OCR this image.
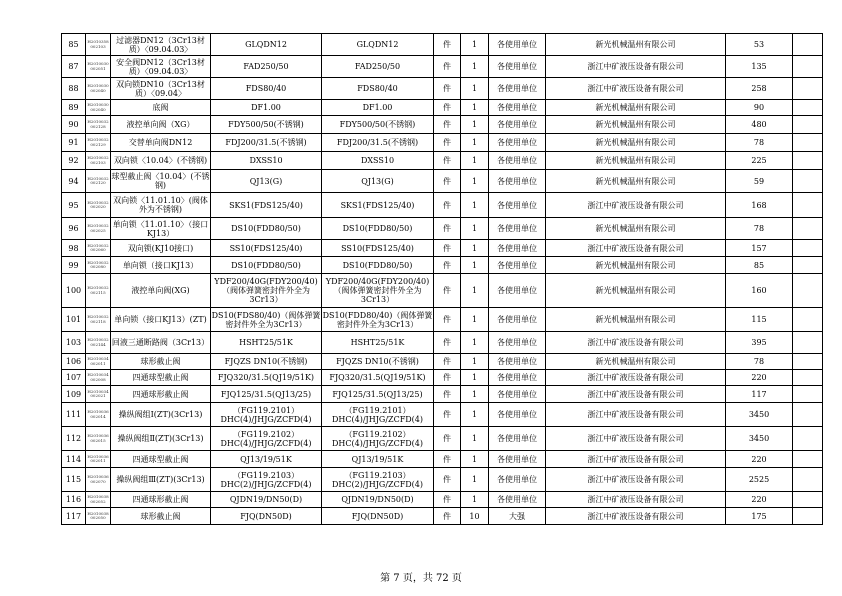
85	H2010358 002103	过滤器DN12（3Cr13材质）〈09.04.03〉	GLQDN12	GLQDN12	件	1	各使用单位	新光机械温州有限公司	53	
87	H2010030 002051	安全阀DN12（3Cr13材质）〈09.04.03〉	FAD250/50	FAD250/50	件	1	各使用单位	浙江中矿液压设备有限公司	135	
88	H2010030 002040	双向锁DN10（3Cr13材质）〈09.04〉	FDS80/40	FDS80/40	件	1	各使用单位	浙江中矿液压设备有限公司	258	
89	H2010030 002040	底阀	DF1.00	DF1.00	件	1	各使用单位	新光机械温州有限公司	90	
90	H2010032 002128	液控单向阀（XG）	FDY500/50(不锈钢)	FDY500/50(不锈钢)	件	1	各使用单位	新光机械温州有限公司	480	
91	H2010032 002129	交替单向阀DN12	FDJ200/31.5(不锈钢)	FDJ200/31.5(不锈钢)	件	1	各使用单位	新光机械温州有限公司	78	
92	H2010032 002103	双向锁〈10.04〉(不锈钢)	DXSS10	DXSS10	件	1	各使用单位	新光机械温州有限公司	225	
94	H2010032 002120	球型截止阀〈10.04〉(不锈钢)	QJ13(G)	QJ13(G)	件	1	各使用单位	新光机械温州有限公司	59	
95	H2010032 002020	双向锁〈11.01.10〉(阀体外为不锈钢)	SKS1(FDS125/40)	SKS1(FDS125/40)	件	1	各使用单位	浙江中矿液压设备有限公司	168	
96	H2010032 002025	单向锁〈11.01.10〉（接口KJ13）	DS10(FDD80/50)	DS10(FDD80/50)	件	1	各使用单位	新光机械温州有限公司	78	
98	H2010032 002060	双向锁(KJ10接口)	SS10(FDS125/40)	SS10(FDS125/40)	件	1	各使用单位	浙江中矿液压设备有限公司	157	
99	H2010032 002080	单向锁（接口KJ13）	DS10(FDD80/50)	DS10(FDD80/50)	件	1	各使用单位	新光机械温州有限公司	85	
100	H2010032 002115	液控单向阀(XG)	YDF200/40G(FDY200/40)（阀体弹簧密封件外全为3Cr13）	YDF200/40G(FDY200/40)（阀体弹簧密封件外全为3Cr13）	件	1	各使用单位	新光机械温州有限公司	160	
101	H2010032 002118	单向锁（接口KJ13）(ZT)	DS10(FDS80/40)（阀体弹簧密封件外全为3Cr13）	DS10(FDD80/40)（阀体弹簧密封件外全为3Cr13）	件	1	各使用单位	新光机械温州有限公司	115	
103	H2010032 002144	回液三通断路阀（3Cr13）	HSHT25/51K	HSHT25/51K	件	1	各使用单位	浙江中矿液压设备有限公司	395	
106	H2010034 002011	球形截止阀	FJQZS DN10(不锈钢)	FJQZS DN10(不锈钢)	件	1	各使用单位	新光机械温州有限公司	78	
107	H2010034 002008	四通球型截止阀	FJQ320/31.5(QJ19/51K)	FJQ320/31.5(QJ19/51K)	件	1	各使用单位	浙江中矿液压设备有限公司	220	
109	H2010034 002021	四通球形截止阀	FJQ125/31.5(QJ13/25)	FJQ125/31.5(QJ13/25)	件	1	各使用单位	浙江中矿液压设备有限公司	117	
111	H2010036 002014	操纵阀组I(ZT)(3Cr13)	（FG119.2101）DHC(4)/JHJG/ZCFD(4)	（FG119.2101）DHC(4)/JHJG/ZCFD(4)	件	1	各使用单位	浙江中矿液压设备有限公司	3450	
112	H2010036 002015	操纵阀组Ⅱ(ZT)(3Cr13)	（FG119.2102）DHC(4)/JHJG/ZCFD(4)	（FG119.2102）DHC(4)/JHJG/ZCFD(4)	件	1	各使用单位	浙江中矿液压设备有限公司	3450	
114	H2010036 002011	四通球型截止阀	QJ13/19/51K	QJ13/19/51K	件	1	各使用单位	浙江中矿液压设备有限公司	220	
115	H2010036 002070	操纵阀组Ⅲ(ZT)(3Cr13)	（FG119.2103）DHC(2)/JHJG/ZCFD(4)	（FG119.2103）DHC(2)/JHJG/ZCFD(4)	件	1	各使用单位	浙江中矿液压设备有限公司	2525	
116	H2010038 002052	四通球形截止阀	QJDN19/DN50(D)	QJDN19/DN50(D)	件	1	各使用单位	浙江中矿液压设备有限公司	220	
117	H2010038 002050	球形截止阀	FJQ(DN50D)	FJQ(DN50D)	件	10	大强	浙江中矿液压设备有限公司	175	
第 7 页，共 72 页
